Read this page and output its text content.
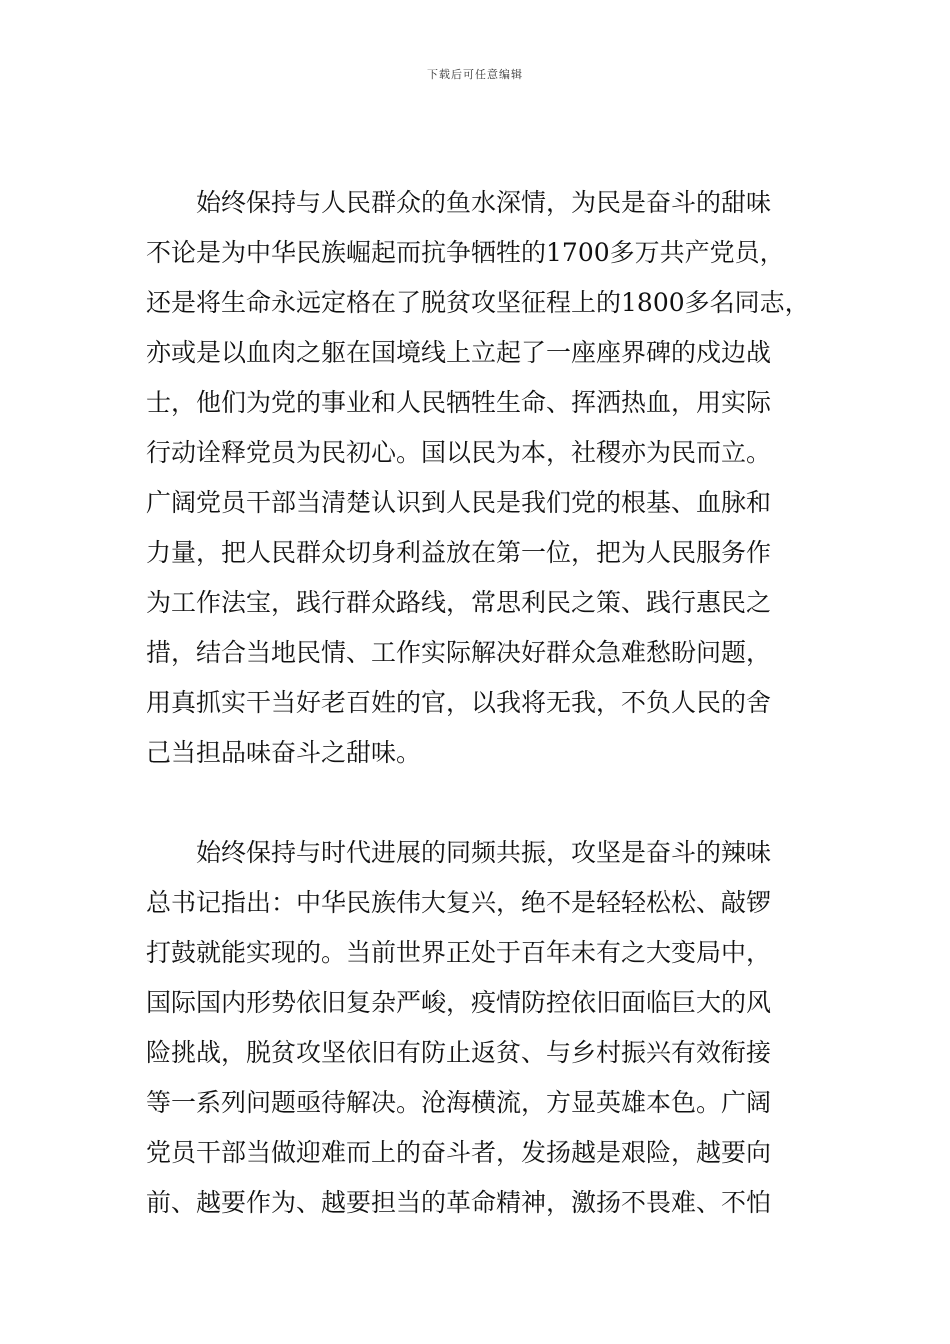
下载后可任意编辑
始终保持与人民群众的鱼水深情，为民是奋斗的甜味
不论是为中华民族崛起而抗争牺牲的1700多万共产党员，
还是将生命永远定格在了脱贫攻坚征程上的1800多名同志，
亦或是以血肉之躯在国境线上立起了一座座界碑的戍边战
士，他们为党的事业和人民牺牲生命、挥洒热血，用实际
行动诠释党员为民初心。国以民为本，社稷亦为民而立。
广阔党员干部当清楚认识到人民是我们党的根基、血脉和
力量，把人民群众切身利益放在第一位，把为人民服务作
为工作法宝，践行群众路线，常思利民之策、践行惠民之
措，结合当地民情、工作实际解决好群众急难愁盼问题，
用真抓实干当好老百姓的官，以我将无我，不负人民的舍
己当担品味奋斗之甜味。
始终保持与时代进展的同频共振，攻坚是奋斗的辣味
总书记指出：中华民族伟大复兴，绝不是轻轻松松、敲锣
打鼓就能实现的。当前世界正处于百年未有之大变局中，
国际国内形势依旧复杂严峻，疫情防控依旧面临巨大的风
险挑战，脱贫攻坚依旧有防止返贫、与乡村振兴有效衔接
等一系列问题亟待解决。沧海横流，方显英雄本色。广阔
党员干部当做迎难而上的奋斗者，发扬越是艰险，越要向
前、越要作为、越要担当的革命精神，激扬不畏难、不怕
